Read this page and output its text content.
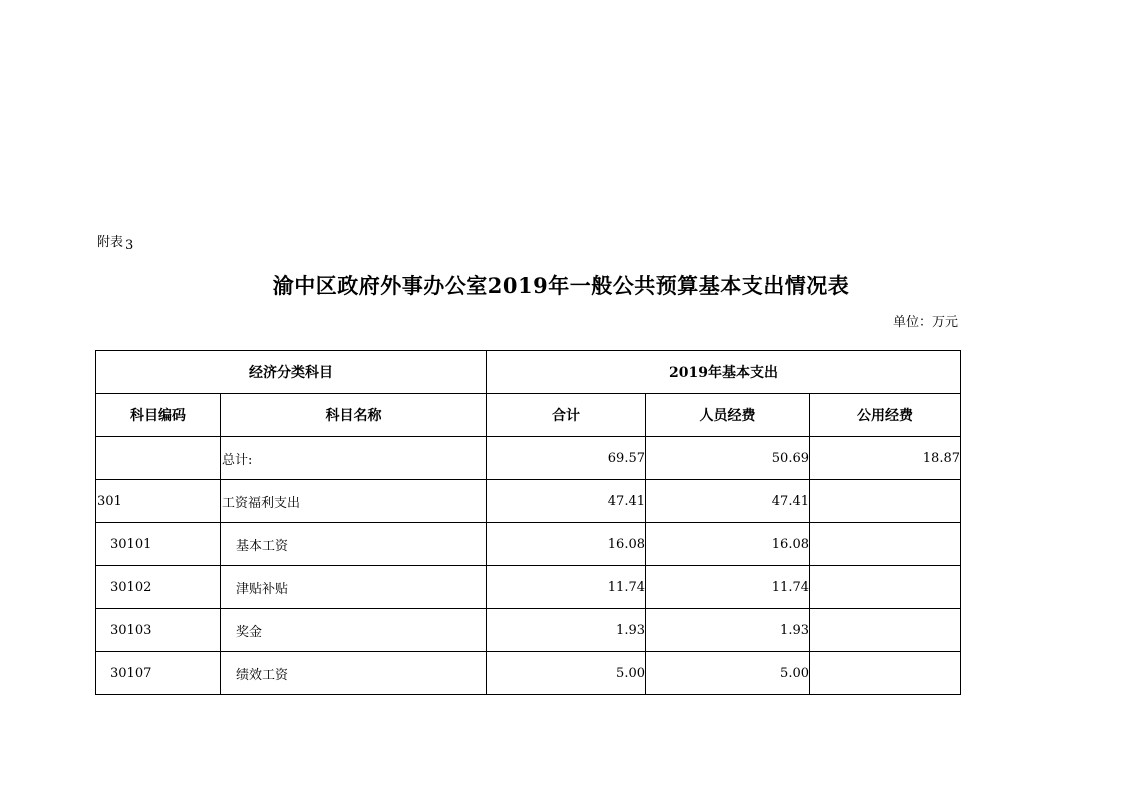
附表 3
渝中区政府外事办公室2019年一般公共预算基本支出情况表
单位：万元
经济分类科目		2019年基本支出		
科目编码	科目名称	合计	人员经费	公用经费
	总计:	69.57	50.69	18.87
301	工资福利支出	47.41	47.41	
30101	基本工资	16.08	16.08	
30102	津贴补贴	11.74	11.74	
30103	奖金	1.93	1.93	
30107	绩效工资	5.00	5.00	
